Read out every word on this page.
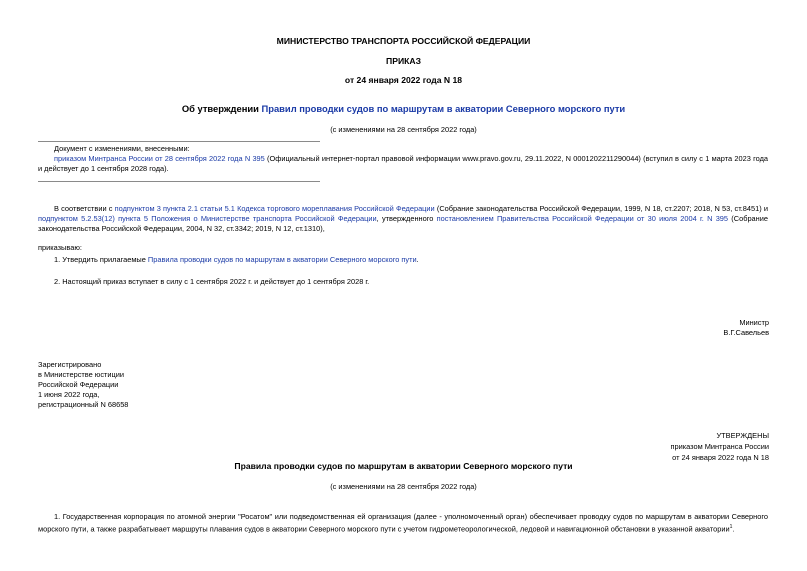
МИНИСТЕРСТВО ТРАНСПОРТА РОССИЙСКОЙ ФЕДЕРАЦИИ
ПРИКАЗ
от 24 января 2022 года N 18
Об утверждении Правил проводки судов по маршрутам в акватории Северного морского пути
(с изменениями на 28 сентября 2022 года)
Документ с изменениями, внесенными:
приказом Минтранса России от 28 сентября 2022 года N 395 (Официальный интернет-портал правовой информации www.pravo.gov.ru, 29.11.2022, N 0001202211290044) (вступил в силу с 1 марта 2023 года и действует до 1 сентября 2028 года).
В соответствии с подпунктом 3 пункта 2.1 статьи 5.1 Кодекса торгового мореплавания Российской Федерации (Собрание законодательства Российской Федерации, 1999, N 18, ст.2207; 2018, N 53, ст.8451) и подпунктом 5.2.53(12) пункта 5 Положения о Министерстве транспорта Российской Федерации, утвержденного постановлением Правительства Российской Федерации от 30 июля 2004 г. N 395 (Собрание законодательства Российской Федерации, 2004, N 32, ст.3342; 2019, N 12, ст.1310),
приказываю:
1. Утвердить прилагаемые Правила проводки судов по маршрутам в акватории Северного морского пути.
2. Настоящий приказ вступает в силу с 1 сентября 2022 г. и действует до 1 сентября 2028 г.
Министр
В.Г.Савельев
Зарегистрировано
в Министерстве юстиции
Российской Федерации
1 июня 2022 года,
регистрационный N 68658
УТВЕРЖДЕНЫ
приказом Минтранса России
от 24 января 2022 года N 18
Правила проводки судов по маршрутам в акватории Северного морского пути
(с изменениями на 28 сентября 2022 года)
1. Государственная корпорация по атомной энергии "Росатом" или подведомственная ей организация (далее - уполномоченный орган) обеспечивает проводку судов по маршрутам в акватории Северного морского пути, а также разрабатывает маршруты плавания судов в акватории Северного морского пути с учетом гидрометеорологической, ледовой и навигационной обстановки в указанной акватории$^1$.
